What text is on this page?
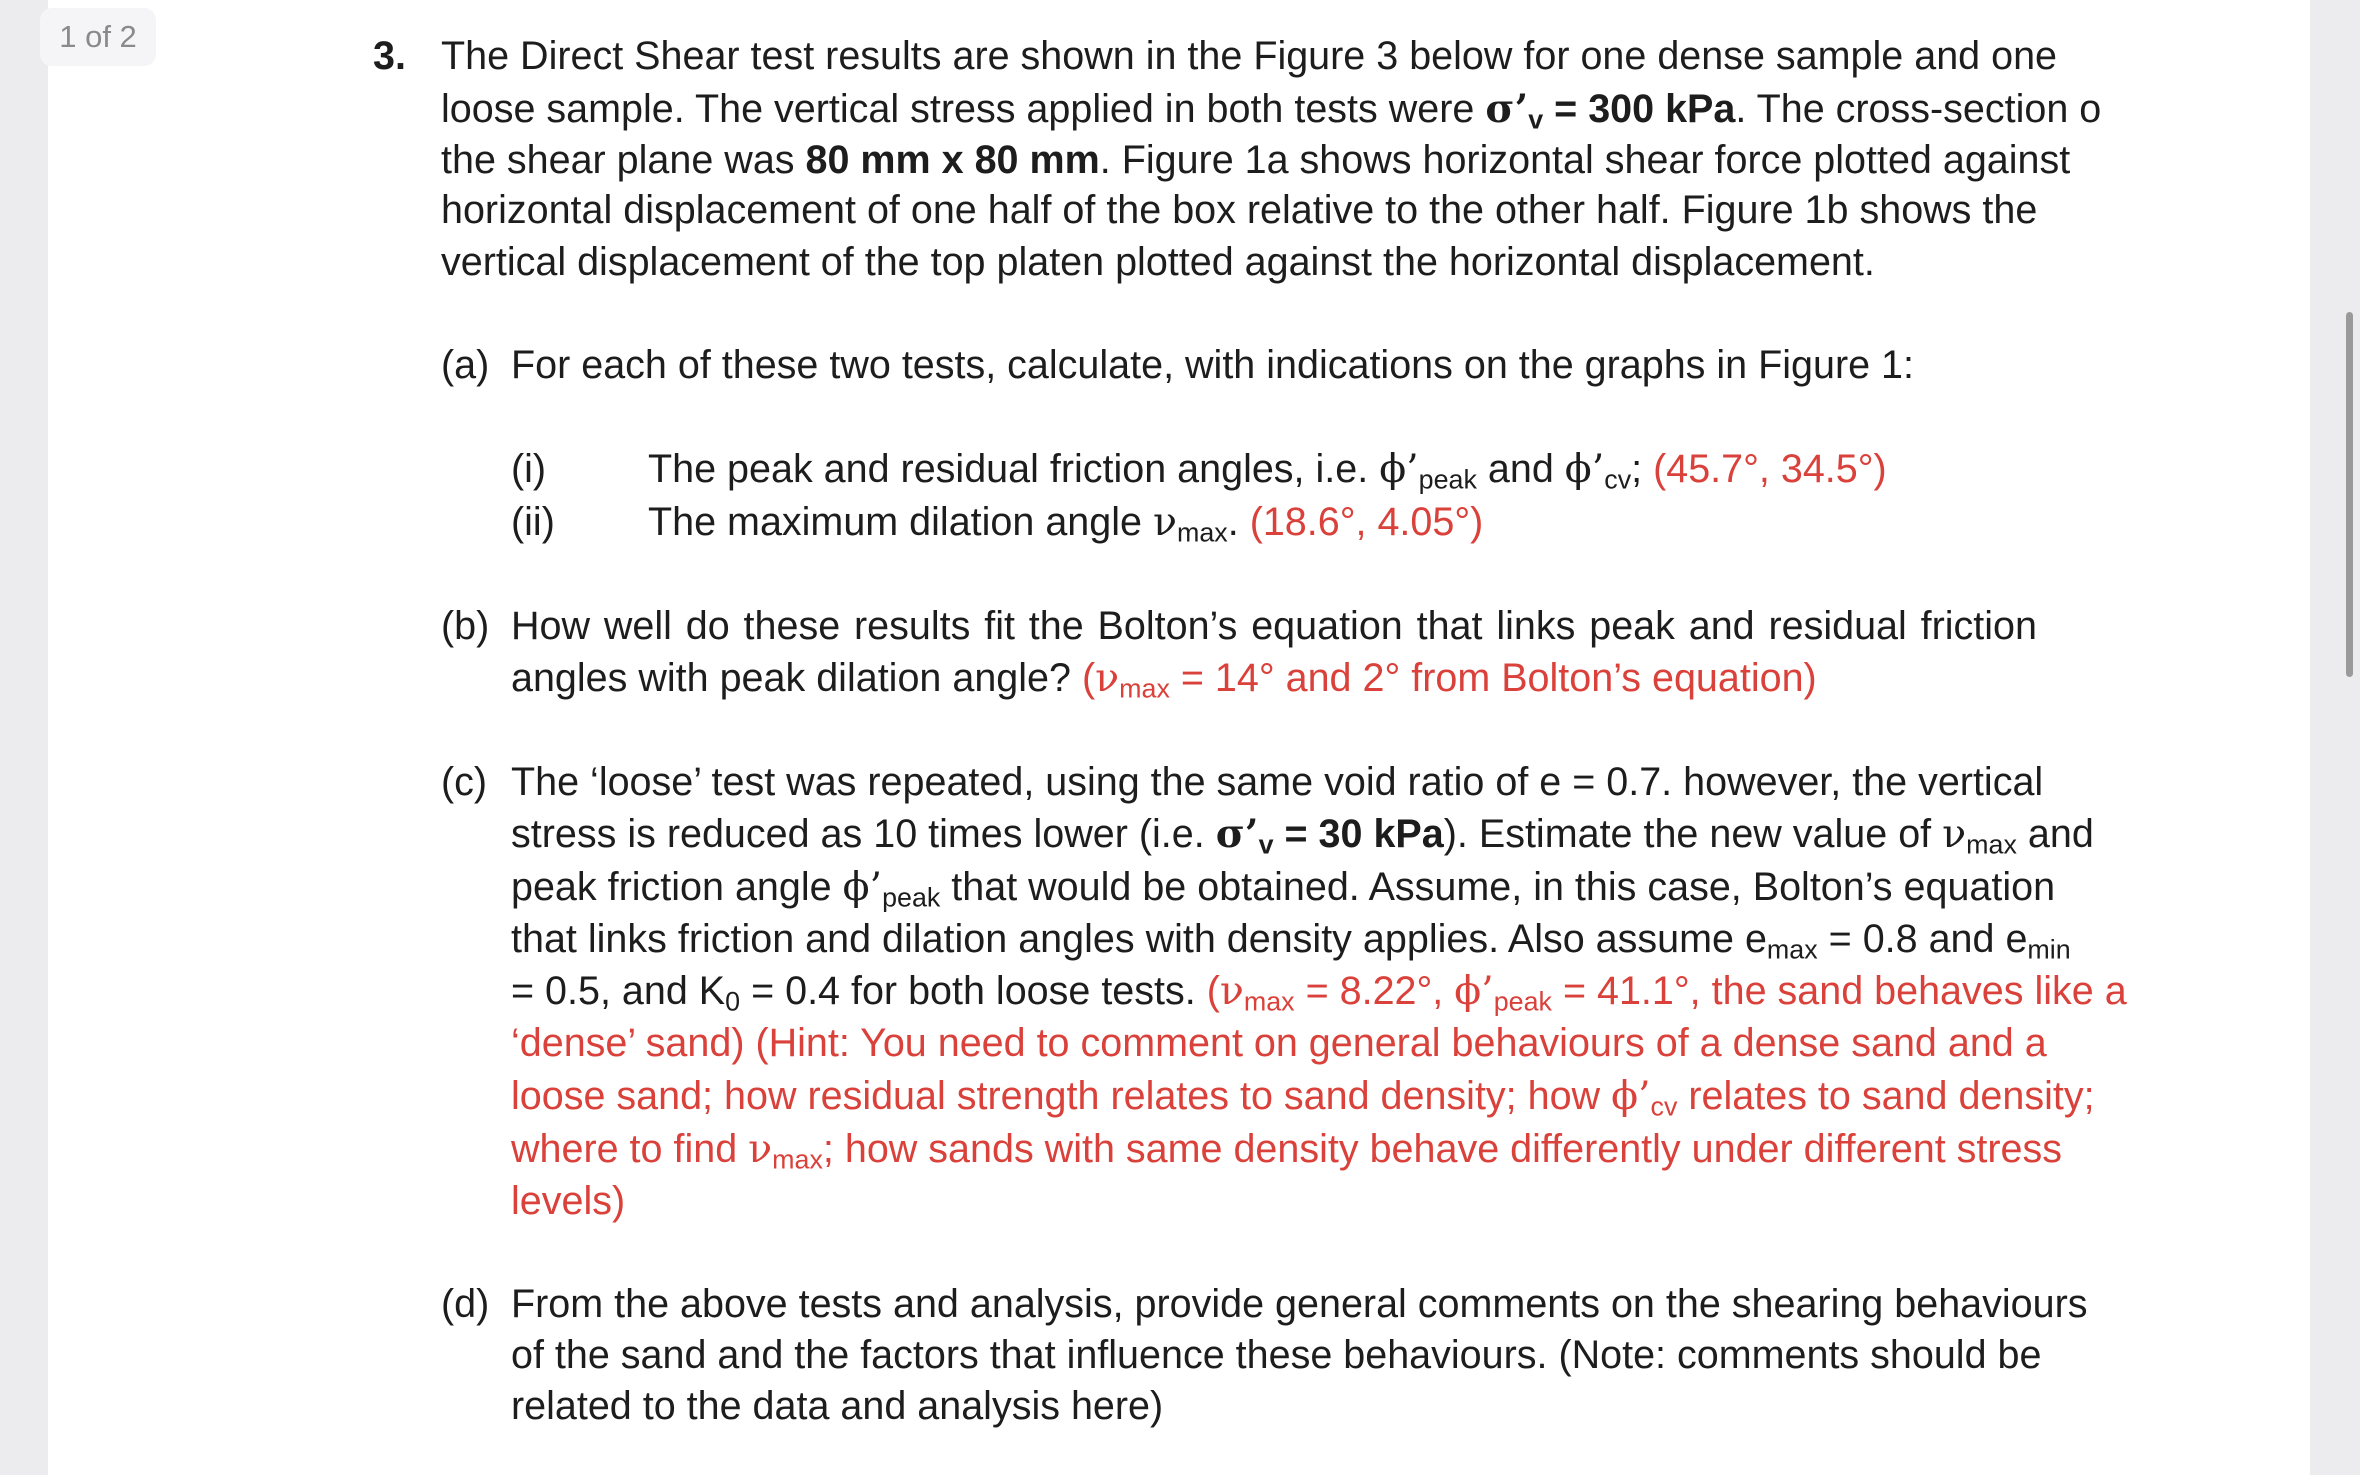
1 of 2	3. The Direct Shear test results are shown in the Figure 3 below for one dense sample and one
loose sample. The vertical stress applied in both tests were $\sigma’_v = 300$ kPa. The cross-section o
the shear plane was 80 mm x 80 mm. Figure 1a shows horizontal shear force plotted against
horizontal displacement of one half of the box relative to the other half. Figure 1b shows the
vertical displacement of the top platen plotted against the horizontal displacement.
(a) For each of these two tests, calculate, with indications on the graphs in Figure 1:
(i)	The peak and residual friction angles, i.e. $\phi’_{peak}$ and $\phi’_{cv}$; (45.7°, 34.5°)
(ii) The maximum dilation angle $\nu_{max}$. (18.6°, 4.05°)
(b) How well do these results fit the Bolton’s equation that links peak and residual friction
angles with peak dilation angle? ($\nu_{max} = 14^\circ$ and 2° from Bolton’s equation)
(c) The ‘loose’ test was repeated, using the same void ratio of e = 0.7. however, the vertical
stress is reduced as 10 times lower (i.e. $\sigma’_v = 30$ kPa). Estimate the new value of $\nu_{max}$ and
peak friction angle $\phi’_{peak}$ that would be obtained. Assume, in this case, Bolton’s equation
that links friction and dilation angles with density applies. Also assume $e_{max} = 0.8$ and $e_{min}$
= 0.5, and $K_0 = 0.4$ for both loose tests. ($\nu_{max} = 8.22^\circ$, $\phi’_{peak} = 41.1^\circ$, the sand behaves like a
‘dense’ sand) (Hint: You need to comment on general behaviours of a dense sand and a
loose sand; how residual strength relates to sand density; how $\phi’_{cv}$ relates to sand density;
where to find $\nu_{max}$; how sands with same density behave differently under different stress
levels)
(d) From the above tests and analysis, provide general comments on the shearing behaviours
of the sand and the factors that influence these behaviours. (Note: comments should be
related to the data and analysis here)
